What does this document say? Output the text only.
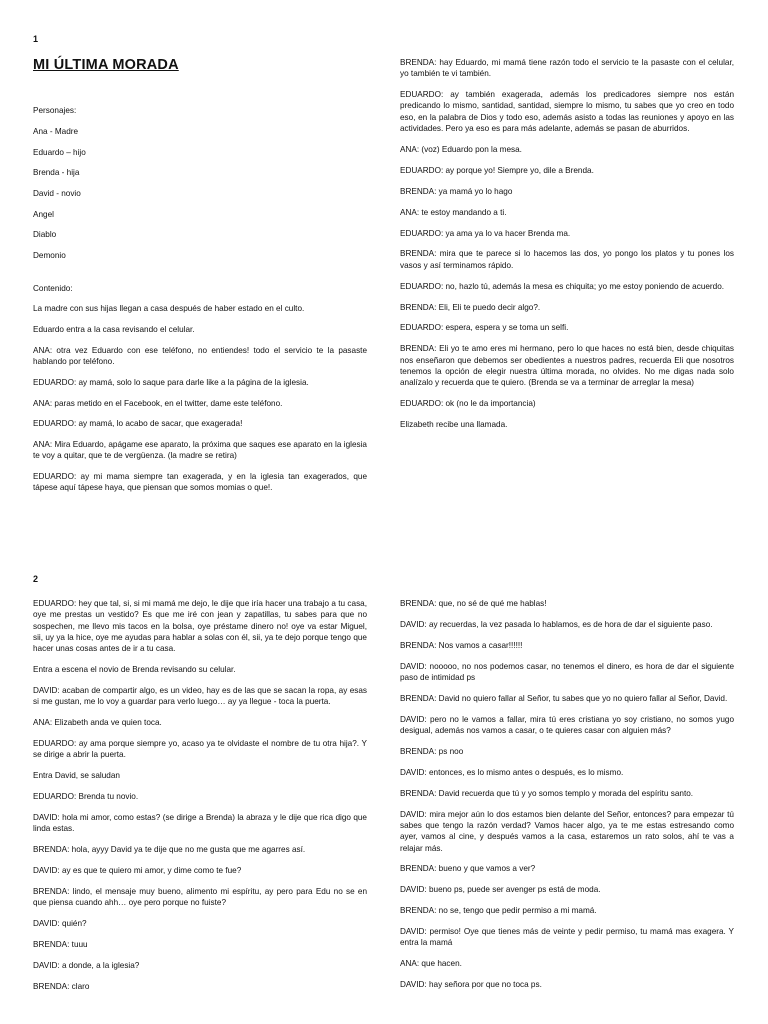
1
MI ÚLTIMA MORADA
Personajes:
Ana - Madre
Eduardo – hijo
Brenda - hija
David - novio
Angel
Diablo
Demonio
Contenido:
La madre con sus hijas llegan a casa después de haber estado en el culto.
Eduardo entra a la casa revisando el celular.
ANA: otra vez Eduardo con ese teléfono, no entiendes! todo el servicio te la pasaste hablando por teléfono.
EDUARDO: ay mamá, solo lo saque para darle like a la página de la iglesia.
ANA: paras metido en el Facebook, en el twitter, dame este teléfono.
EDUARDO: ay mamá, lo acabo de sacar, que exagerada!
ANA: Mira Eduardo, apágame ese aparato, la próxima que saques ese aparato en la iglesia te voy a quitar, que te de vergüenza. (la madre se retira)
EDUARDO: ay mi mama siempre tan exagerada, y en la iglesia tan exagerados, que tápese aquí tápese haya, que piensan que somos momias o que!.
BRENDA: hay Eduardo, mi mamá tiene razón todo el servicio te la pasaste con el celular, yo también te vi también.
EDUARDO: ay también exagerada, además los predicadores siempre nos están predicando lo mismo, santidad, santidad, siempre lo mismo, tu sabes que yo creo en todo eso, en la palabra de Dios y todo eso, además asisto a todas las reuniones y apoyo en las actividades. Pero ya eso es para más adelante, además se pasan de aburridos.
ANA: (voz) Eduardo pon la mesa.
EDUARDO: ay porque yo! Siempre yo, dile a Brenda.
BRENDA: ya mamá yo lo hago
ANA: te estoy mandando a ti.
EDUARDO: ya ama ya lo va hacer Brenda ma.
BRENDA: mira que te parece si lo hacemos las dos, yo pongo los platos y tu pones los vasos y así terminamos rápido.
EDUARDO: no, hazlo tú, además la mesa es chiquita; yo me estoy poniendo de acuerdo.
BRENDA: Eli, Eli te puedo decir algo?.
EDUARDO: espera, espera y se toma un selfi.
BRENDA: Eli yo te amo eres mi hermano, pero lo que haces no está bien, desde chiquitas nos enseñaron que debemos ser obedientes a nuestros padres, recuerda Eli que nosotros tenemos la opción de elegir nuestra última morada, no olvides. No me digas nada solo analízalo y recuerda que te quiero. (Brenda se va a terminar de arreglar la mesa)
EDUARDO: ok (no le da importancia)
Elizabeth recibe una llamada.
2
EDUARDO: hey que tal, si, si mi mamá me dejo, le dije que iría hacer una trabajo a tu casa, oye me prestas un vestido? Es que me iré con jean y zapatillas, tu sabes para que no sospechen, me llevo mis tacos en la bolsa, oye préstame dinero no! oye va estar Miguel, sii, uy ya la hice, oye me ayudas para hablar a solas con él, sii, ya te dejo porque tengo que hacer unas cosas antes de ir a tu casa.
Entra a escena el novio de Brenda revisando su celular.
DAVID: acaban de compartir algo, es un video, hay es de las que se sacan la ropa, ay esas si me gustan, me lo voy a guardar para verlo luego… ay ya llegue - toca la puerta.
ANA: Elizabeth anda ve quien toca.
EDUARDO: ay ama porque siempre yo, acaso ya te olvidaste el nombre de tu otra hija?. Y se dirige a abrir la puerta.
Entra David, se saludan
EDUARDO: Brenda tu novio.
DAVID: hola mi amor, como estas? (se dirige a Brenda) la abraza y le dije que rica digo que linda estas.
BRENDA: hola, ayyy David ya te dije que no me gusta que me agarres así.
DAVID: ay es que te quiero mi amor, y dime como te fue?
BRENDA: lindo, el mensaje muy bueno, alimento mi espíritu, ay pero para Edu no se en que piensa cuando ahh… oye pero porque no fuiste?
DAVID: quién?
BRENDA: tuuu
DAVID: a donde, a la iglesia?
BRENDA: claro
BRENDA: que, no sé de qué me hablas!
DAVID: ay recuerdas, la vez pasada lo hablamos, es de hora de dar el siguiente paso.
BRENDA: Nos vamos a casar!!!!!!
DAVID: nooooo, no nos podemos casar, no tenemos el dinero, es hora de dar el siguiente paso de intimidad ps
BRENDA: David no quiero fallar al Señor, tu sabes que yo no quiero fallar al Señor, David.
DAVID: pero no le vamos a fallar, mira tú eres cristiana yo soy cristiano, no somos yugo desigual, además nos vamos a casar, o te quieres casar con alguien más?
BRENDA: ps noo
DAVID: entonces, es lo mismo antes o después, es lo mismo.
BRENDA: David recuerda que tú y yo somos templo y morada del espíritu santo.
DAVID: mira mejor aún lo dos estamos bien delante del Señor, entonces? para empezar tú sabes que tengo la razón verdad? Vamos hacer algo, ya te me estas estresando como ayer, vamos al cine, y después vamos a la casa, estaremos un rato solos, ahí te vas a relajar más.
BRENDA: bueno y que vamos a ver?
DAVID: bueno ps, puede ser avenger ps está de moda.
BRENDA: no se, tengo que pedir permiso a mi mamá.
DAVID: permiso! Oye que tienes más de veinte y pedir permiso, tu mamá mas exagera. Y entra la mamá
ANA: que hacen.
DAVID: hay señora por que no toca ps.
